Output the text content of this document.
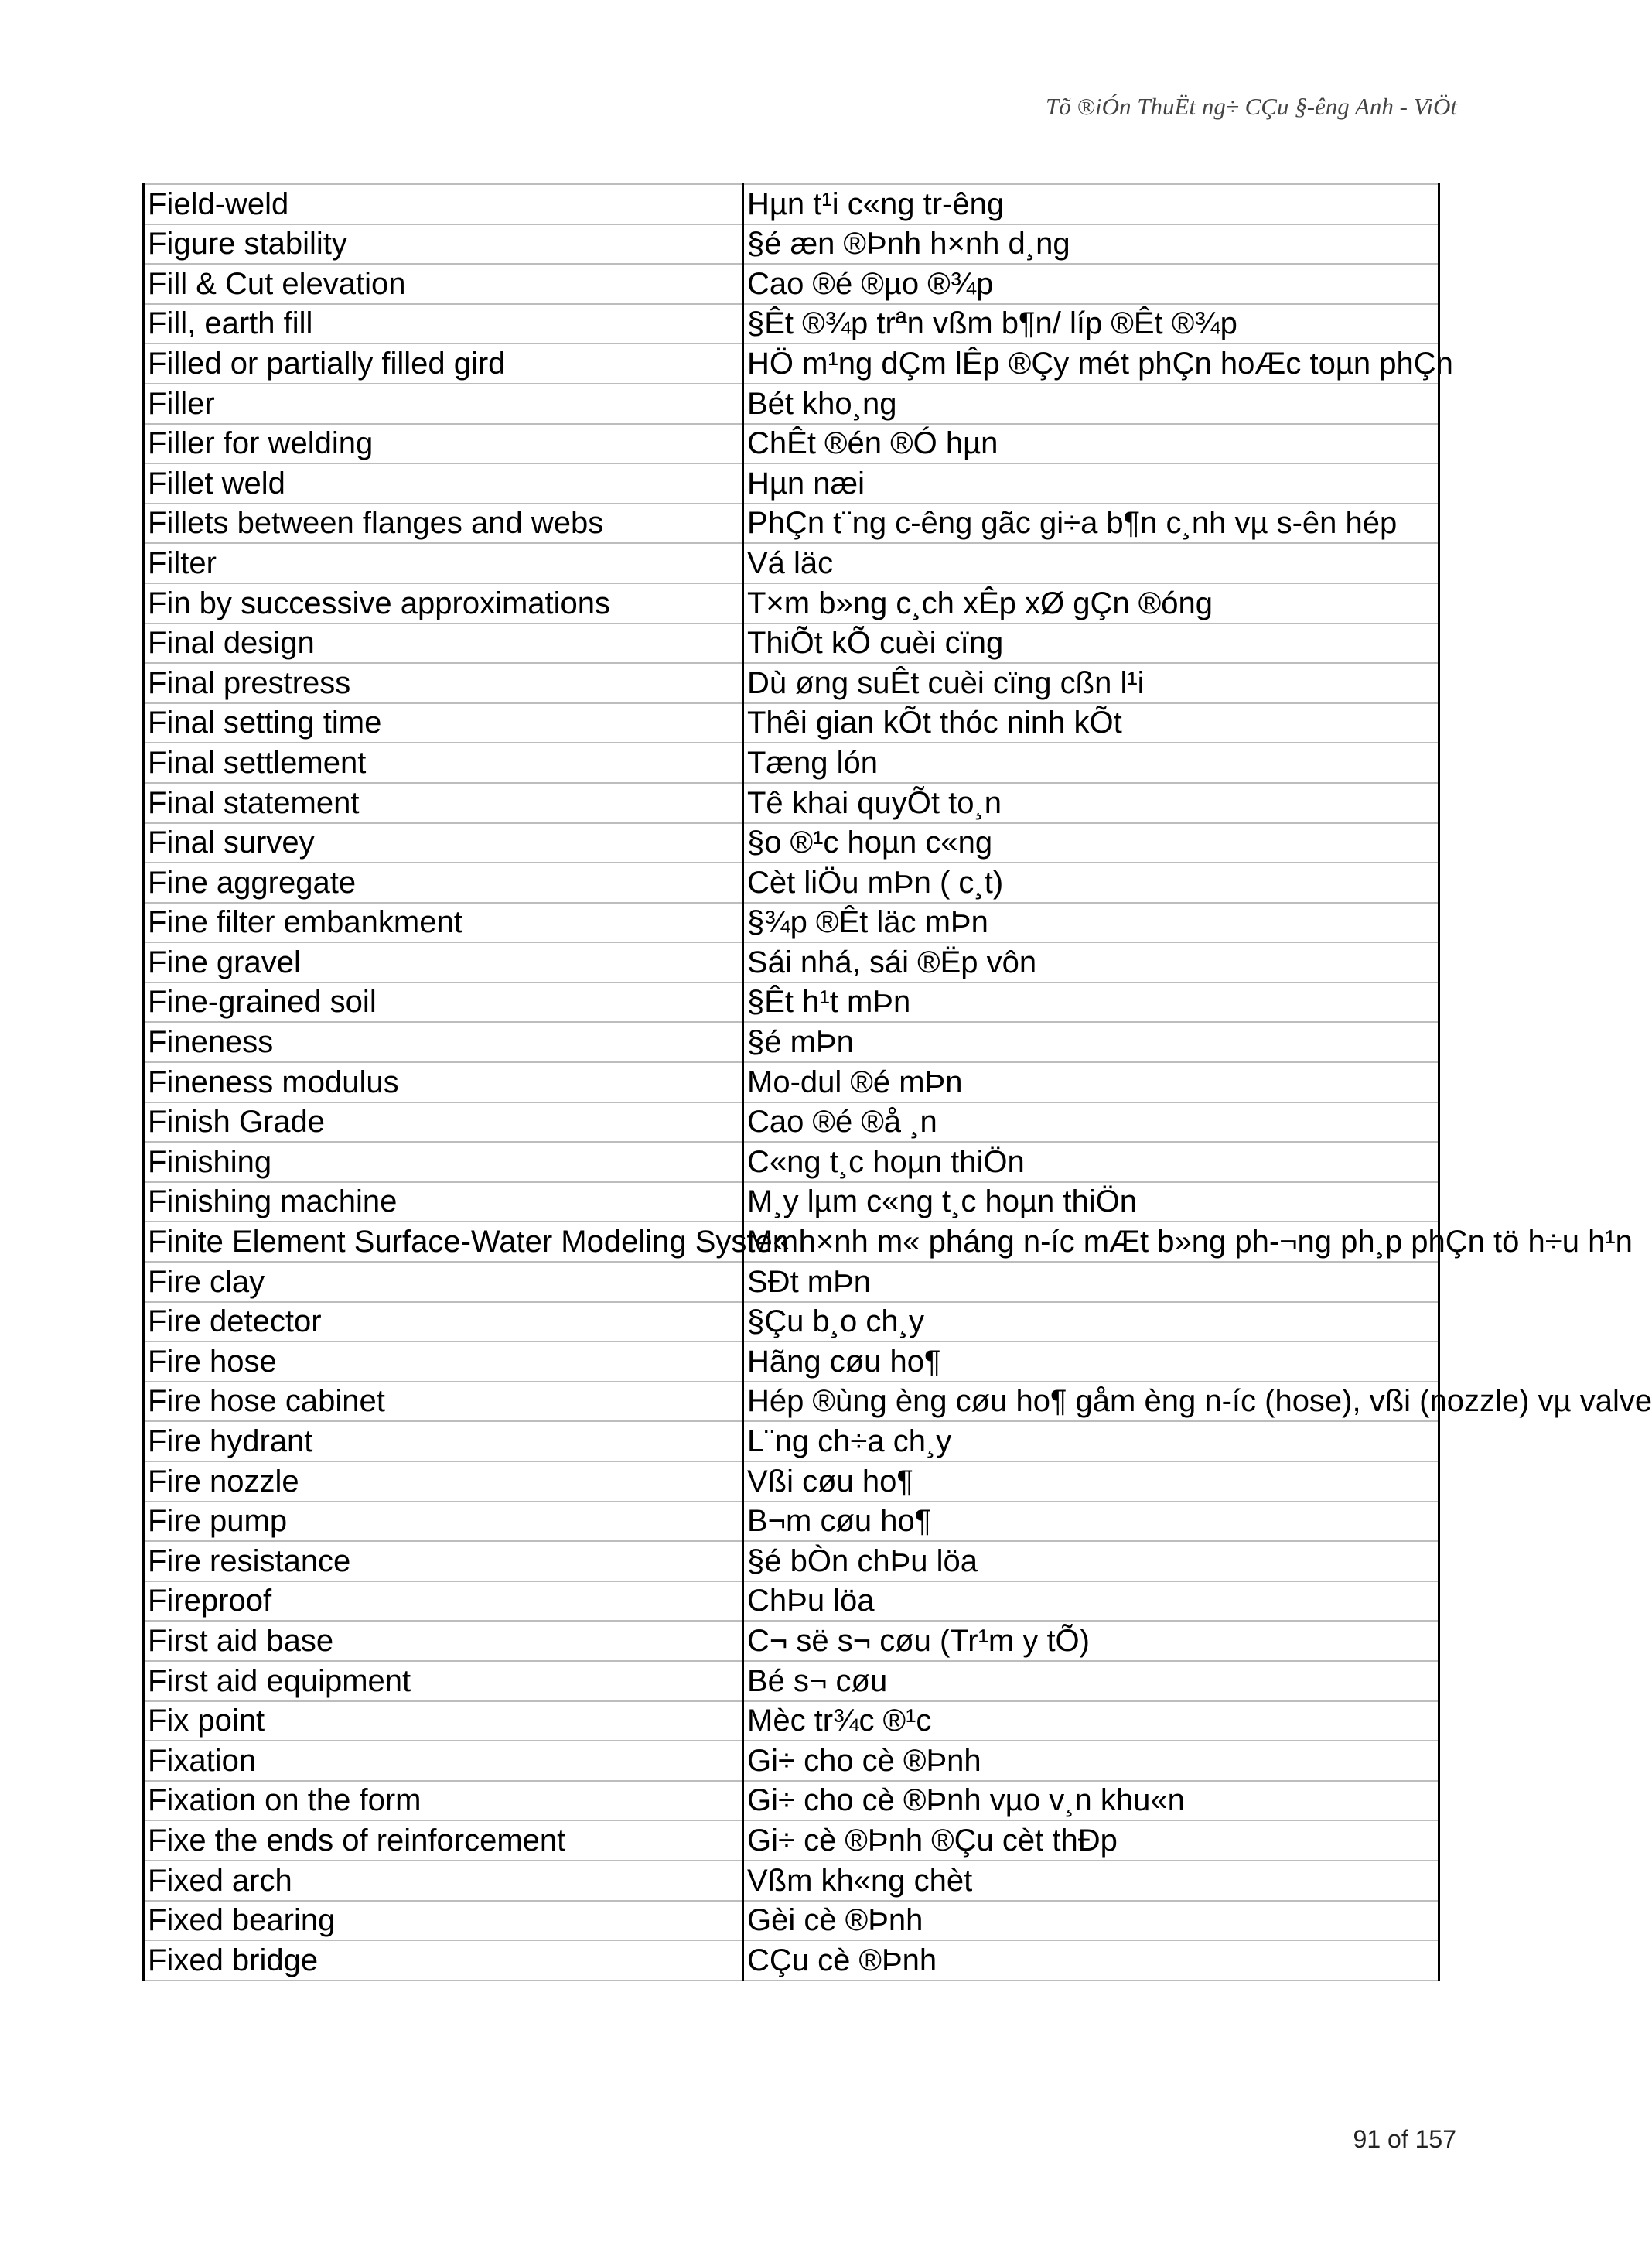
Tõ ®iÓn ThuËt ng÷ CÇu §-êng Anh - ViÖt
Field-weld	Hµn t¹i c«ng tr-êng
Figure stability	§é æn ®Þnh h×nh d¸ng
Fill & Cut elevation	Cao ®é ®µo ®¾p
Fill, earth fill	§Êt ®¾p trªn vßm b¶n/ líp ®Êt ®¾p
Filled or partially filled gird	HÖ m¹ng dÇm lÊp ®Çy mét phÇn hoÆc toµn phÇn
Filler	Bét kho¸ng
Filler for welding	ChÊt ®én ®Ó hµn
Fillet weld	Hµn næi
Fillets between flanges and webs	PhÇn t¨ng c-êng gãc gi÷a b¶n c¸nh vµ s-ên hép
Filter	Vá läc
Fin by successive approximations	T×m b»ng c¸ch xÊp xØ gÇn ®óng
Final design	ThiÕt kÕ cuèi cïng
Final prestress	Dù øng suÊt cuèi cïng cßn l¹i
Final setting time	Thêi gian kÕt thóc ninh kÕt
Final settlement	Tæng lón
Final statement	Tê khai quyÕt to¸n
Final survey	§o ®¹c hoµn c«ng
Fine aggregate	Cèt liÖu mÞn ( c¸t)
Fine filter embankment	§¾p ®Êt läc mÞn
Fine gravel	Sái nhá, sái ®Ëp vôn
Fine-grained soil	§Êt h¹t mÞn
Fineness	§é mÞn
Fineness modulus	Mo-dul ®é mÞn
Finish Grade	Cao ®é ®å ¸n
Finishing	C«ng t¸c hoµn thiÖn
Finishing machine	M¸y lµm c«ng t¸c hoµn thiÖn
Finite Element Surface-Water Modeling System	M« h×nh m« pháng n-íc mÆt b»ng ph-¬ng ph¸p phÇn tö h÷u h¹n
Fire clay	SÐt mÞn
Fire detector	§Çu b¸o ch¸y
Fire hose	Hãng cøu ho¶
Fire hose cabinet	Hép ®ùng èng cøu ho¶ gåm èng n-íc (hose), vßi (nozzle) vµ valve
Fire hydrant	L¨ng ch÷a ch¸y
Fire nozzle	Vßi cøu ho¶
Fire pump	B¬m cøu ho¶
Fire resistance	§é bÒn chÞu löa
Fireproof	ChÞu löa
First aid base	C¬ së s¬ cøu (Tr¹m y tÕ)
First aid equipment	Bé s¬ cøu
Fix point	Mèc tr¾c ®¹c
Fixation	Gi÷ cho cè ®Þnh
Fixation on the form	Gi÷ cho cè ®Þnh vµo v¸n khu«n
Fixe the ends of reinforcement	Gi÷ cè ®Þnh ®Çu cèt thÐp
Fixed arch	Vßm kh«ng chèt
Fixed bearing	Gèi cè ®Þnh
Fixed bridge	CÇu cè ®Þnh
91 of 157
